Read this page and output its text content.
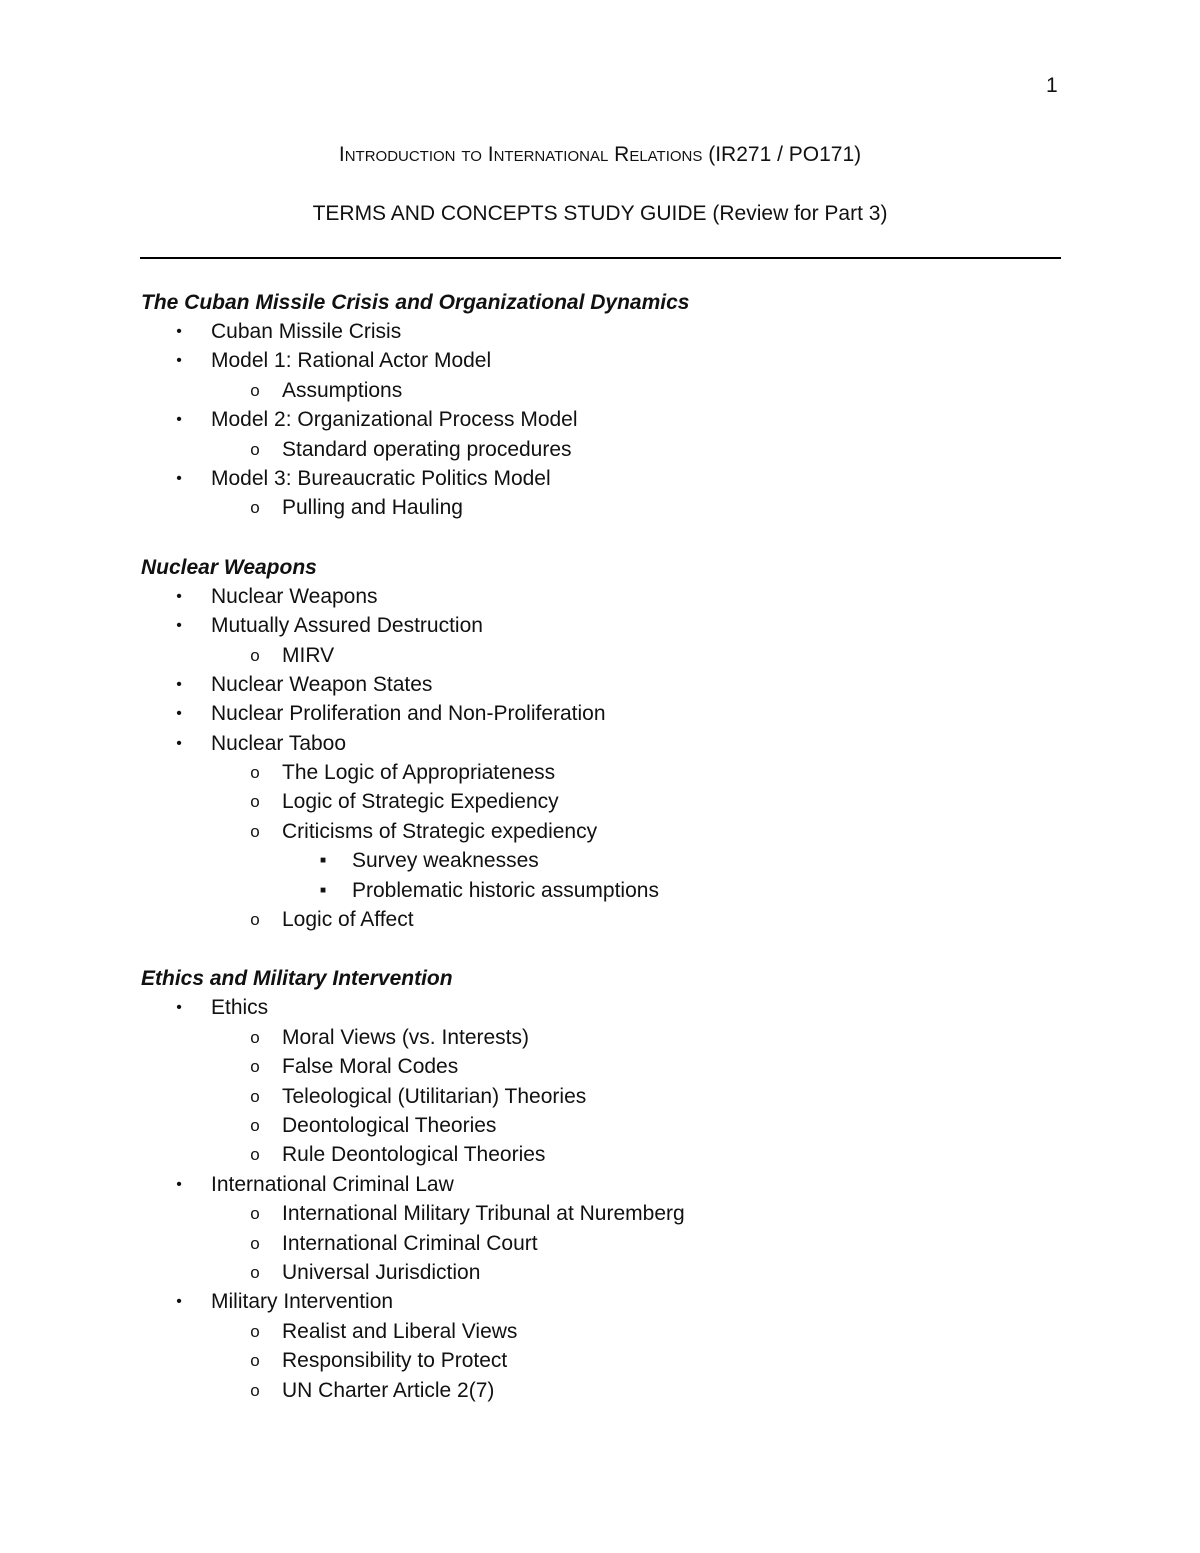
1
Introduction to International Relations (IR271 / PO171)
TERMS AND CONCEPTS STUDY GUIDE (Review for Part 3)
The Cuban Missile Crisis and Organizational Dynamics
•	Cuban Missile Crisis
•	Model 1: Rational Actor Model
o Assumptions
•	Model 2: Organizational Process Model
o Standard operating procedures
•	Model 3: Bureaucratic Politics Model
o Pulling and Hauling
Nuclear Weapons
•	Nuclear Weapons
•	Mutually Assured Destruction
o MIRV
•	Nuclear Weapon States
•	Nuclear Proliferation and Non-Proliferation
•	Nuclear Taboo
o The Logic of Appropriateness
o Logic of Strategic Expediency
o Criticisms of Strategic expediency
■	Survey weaknesses
■	Problematic historic assumptions
o Logic of Affect
Ethics and Military Intervention
•	Ethics
o Moral Views (vs. Interests)
o False Moral Codes
o Teleological (Utilitarian) Theories
o Deontological Theories
o Rule Deontological Theories
•	International Criminal Law
o International Military Tribunal at Nuremberg
o International Criminal Court
o Universal Jurisdiction
•	Military Intervention
o Realist and Liberal Views
o Responsibility to Protect
o UN Charter Article 2(7)
